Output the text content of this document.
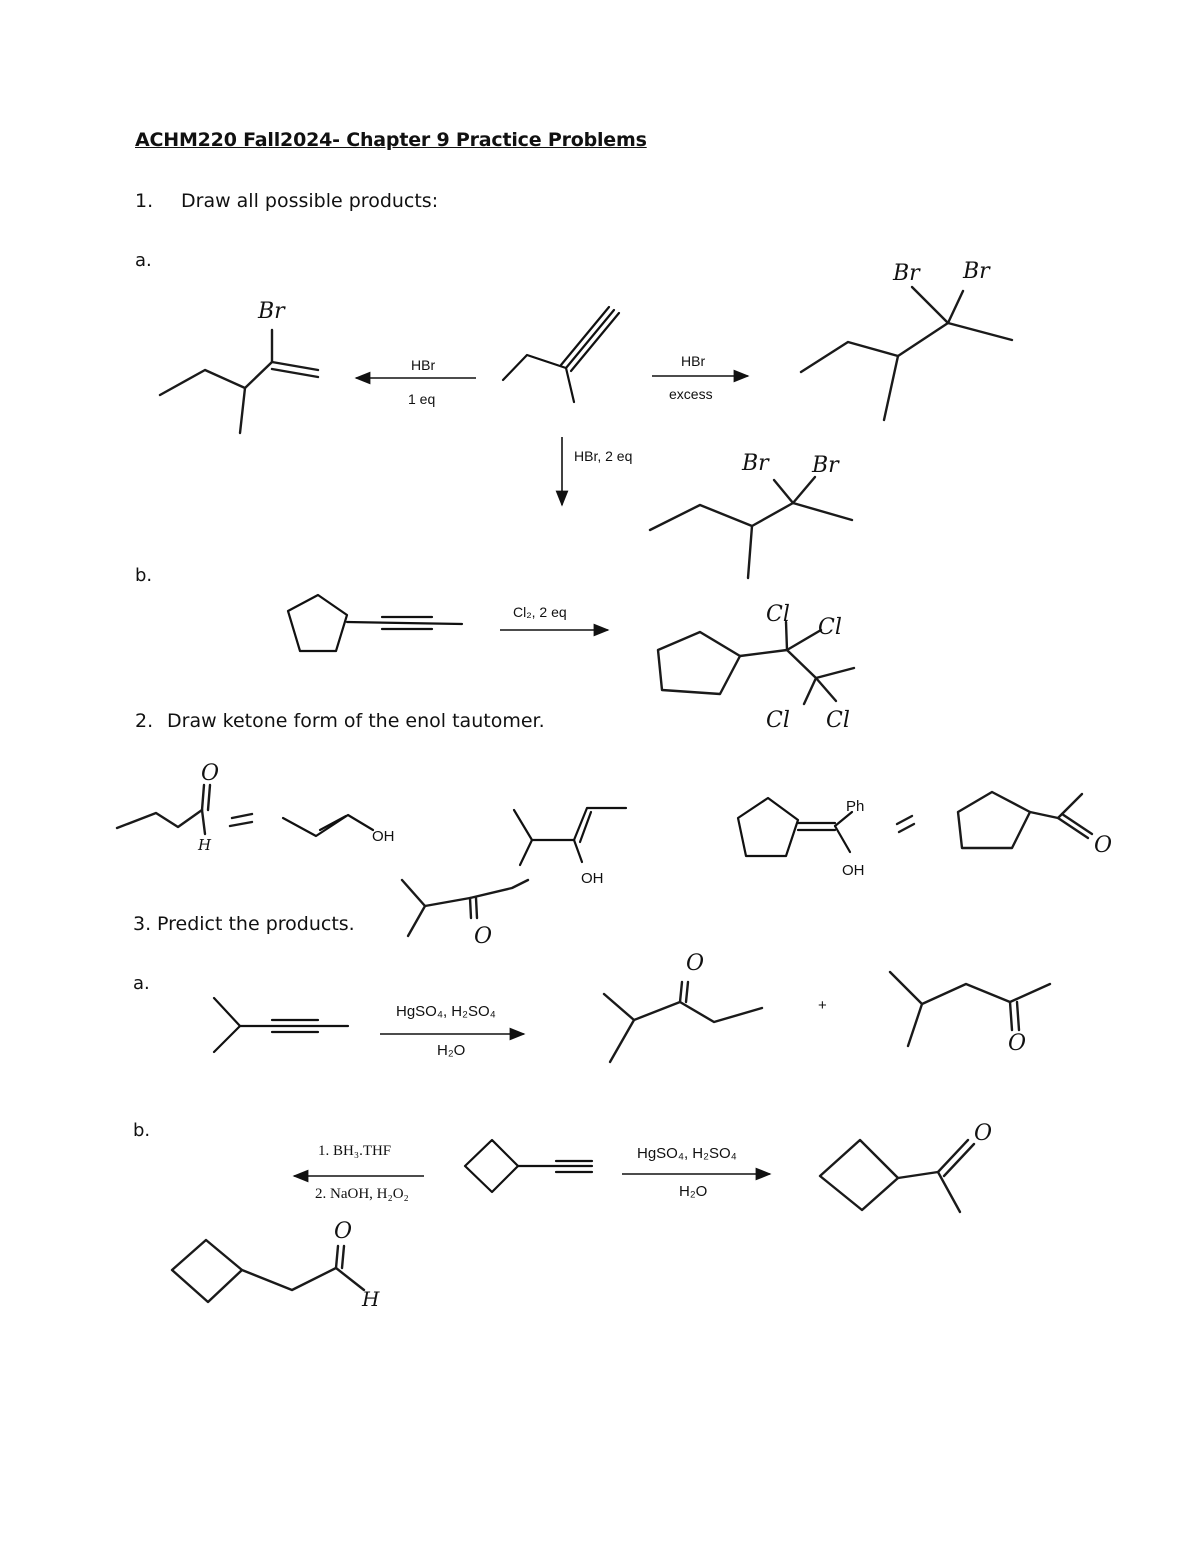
ACHM220 Fall2024- Chapter 9 Practice Problems
1. Draw all possible products:
a.
HBr
1 eq
HBr
excess
HBr, 2 eq
b.
Cl₂, 2 eq
2. Draw ketone form of the enol tautomer.
3. Predict the products.
a.
HgSO₄, H₂SO₄
H₂O
b.
1. BH₃.THF
2. NaOH, H₂O₂
HgSO₄, H₂SO₄
H₂O
Br
Br Br
Br Br
Cl
Cl
Cl Cl
O
H	OH
OH
O
Ph
OH
O
O
+
O
O
H
O
